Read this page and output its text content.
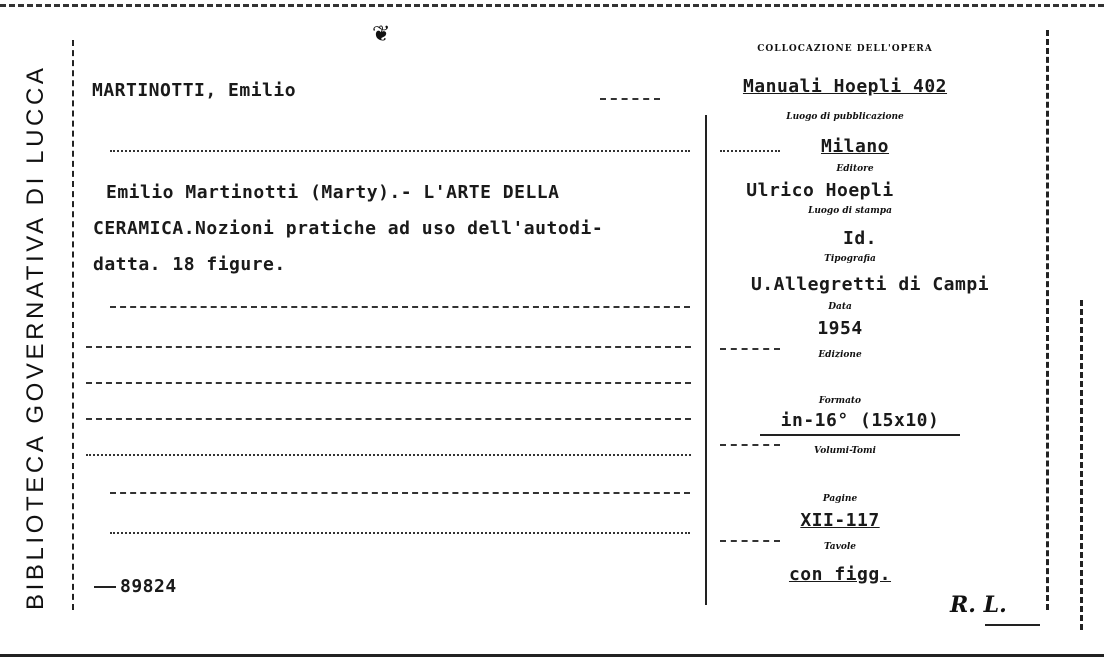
BIBLIOTECA GOVERNATIVA DI LUCCA
❦
MARTINOTTI, Emilio
Emilio Martinotti (Marty).- L'ARTE DELLA
CERAMICA.Nozioni pratiche ad uso dell'autodi-
datta. 18 figure.
89824
COLLOCAZIONE DELL'OPERA
Manuali Hoepli 402
Luogo di pubblicazione
Milano
Editore
Ulrico Hoepli
Luogo di stampa
Id.
Tipografia
U.Allegretti di Campi
Data
1954
Edizione
Formato
in-16° (15x10)
Volumi-Tomi
Pagine
XII-117
Tavole
con figg.
R. L.
